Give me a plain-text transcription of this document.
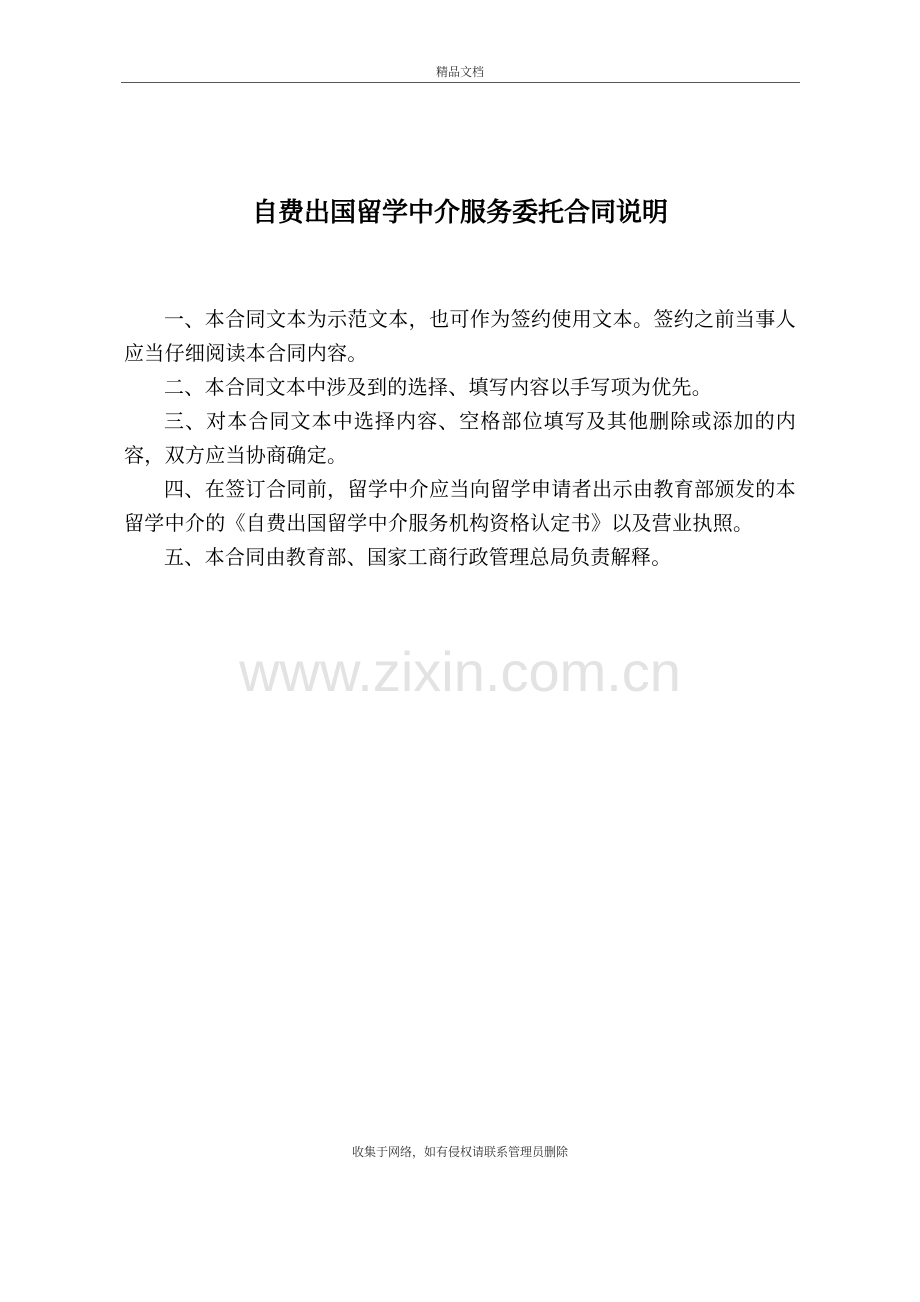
精品文档
自费出国留学中介服务委托合同说明

一、本合同文本为示范文本，也可作为签约使用文本。签约之前当事人应当仔细阅读本合同内容。

二、本合同文本中涉及到的选择、填写内容以手写项为优先。

三、对本合同文本中选择内容、空格部位填写及其他删除或添加的内容，双方应当协商确定。

四、在签订合同前，留学中介应当向留学申请者出示由教育部颁发的本留学中介的《自费出国留学中介服务机构资格认定书》以及营业执照。

五、本合同由教育部、国家工商行政管理总局负责解释。

www.zixin.com.cn
收集于网络，如有侵权请联系管理员删除
